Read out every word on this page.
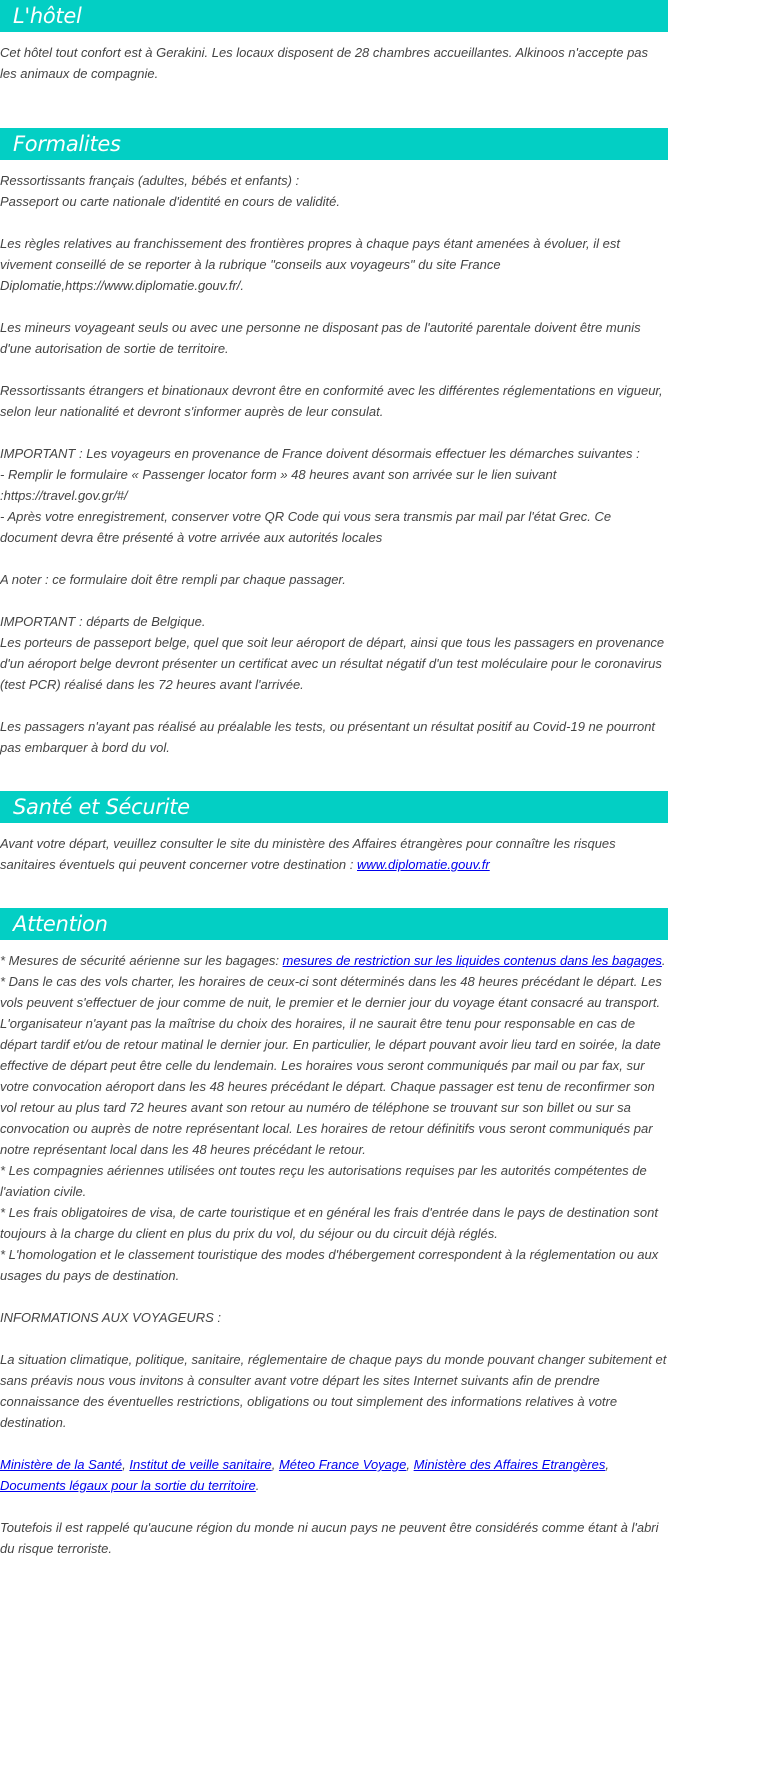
L'hôtel

Cet hôtel tout confort est à Gerakini. Les locaux disposent de 28 chambres accueillantes. Alkinoos n'accepte pas les animaux de compagnie.

Formalites

Ressortissants français (adultes, bébés et enfants) :

Passeport ou carte nationale d'identité en cours de validité.

Les règles relatives au franchissement des frontières propres à chaque pays étant amenées à évoluer, il est vivement conseillé de se reporter à la rubrique "conseils aux voyageurs" du site France Diplomatie,https://www.diplomatie.gouv.fr/.

Les mineurs voyageant seuls ou avec une personne ne disposant pas de l'autorité parentale doivent être munis d'une autorisation de sortie de territoire.

Ressortissants étrangers et binationaux devront être en conformité avec les différentes réglementations en vigueur, selon leur nationalité et devront s'informer auprès de leur consulat.

IMPORTANT : Les voyageurs en provenance de France doivent désormais effectuer les démarches suivantes :

- Remplir le formulaire « Passenger locator form » 48 heures avant son arrivée sur le lien suivant :https://travel.gov.gr/#/

- Après votre enregistrement, conserver votre QR Code qui vous sera transmis par mail par l'état Grec. Ce document devra être présenté à votre arrivée aux autorités locales

A noter : ce formulaire doit être rempli par chaque passager.

IMPORTANT : départs de Belgique.

Les porteurs de passeport belge, quel que soit leur aéroport de départ, ainsi que tous les passagers en provenance d'un aéroport belge devront présenter un certificat avec un résultat négatif d'un test moléculaire pour le coronavirus (test PCR) réalisé dans les 72 heures avant l'arrivée.

Les passagers n'ayant pas réalisé au préalable les tests, ou présentant un résultat positif au Covid-19 ne pourront pas embarquer à bord du vol.

Santé et Sécurite

Avant votre départ, veuillez consulter le site du ministère des Affaires étrangères pour connaître les risques sanitaires éventuels qui peuvent concerner votre destination : www.diplomatie.gouv.fr

Attention

* Mesures de sécurité aérienne sur les bagages: mesures de restriction sur les liquides contenus dans les bagages.

* Dans le cas des vols charter, les horaires de ceux-ci sont déterminés dans les 48 heures précédant le départ. Les vols peuvent s'effectuer de jour comme de nuit, le premier et le dernier jour du voyage étant consacré au transport. L'organisateur n'ayant pas la maîtrise du choix des horaires, il ne saurait être tenu pour responsable en cas de départ tardif et/ou de retour matinal le dernier jour. En particulier, le départ pouvant avoir lieu tard en soirée, la date effective de départ peut être celle du lendemain. Les horaires vous seront communiqués par mail ou par fax, sur votre convocation aéroport dans les 48 heures précédant le départ. Chaque passager est tenu de reconfirmer son vol retour au plus tard 72 heures avant son retour au numéro de téléphone se trouvant sur son billet ou sur sa convocation ou auprès de notre représentant local. Les horaires de retour définitifs vous seront communiqués par notre représentant local dans les 48 heures précédant le retour.

* Les compagnies aériennes utilisées ont toutes reçu les autorisations requises par les autorités compétentes de l'aviation civile.

* Les frais obligatoires de visa, de carte touristique et en général les frais d'entrée dans le pays de destination sont toujours à la charge du client en plus du prix du vol, du séjour ou du circuit déjà réglés.

* L'homologation et le classement touristique des modes d'hébergement correspondent à la réglementation ou aux usages du pays de destination.

INFORMATIONS AUX VOYAGEURS :

La situation climatique, politique, sanitaire, réglementaire de chaque pays du monde pouvant changer subitement et sans préavis nous vous invitons à consulter avant votre départ les sites Internet suivants afin de prendre connaissance des éventuelles restrictions, obligations ou tout simplement des informations relatives à votre destination.

Ministère de la Santé, Institut de veille sanitaire, Méteo France Voyage, Ministère des Affaires Etrangères, Documents légaux pour la sortie du territoire.

Toutefois il est rappelé qu'aucune région du monde ni aucun pays ne peuvent être considérés comme étant à l'abri du risque terroriste.
